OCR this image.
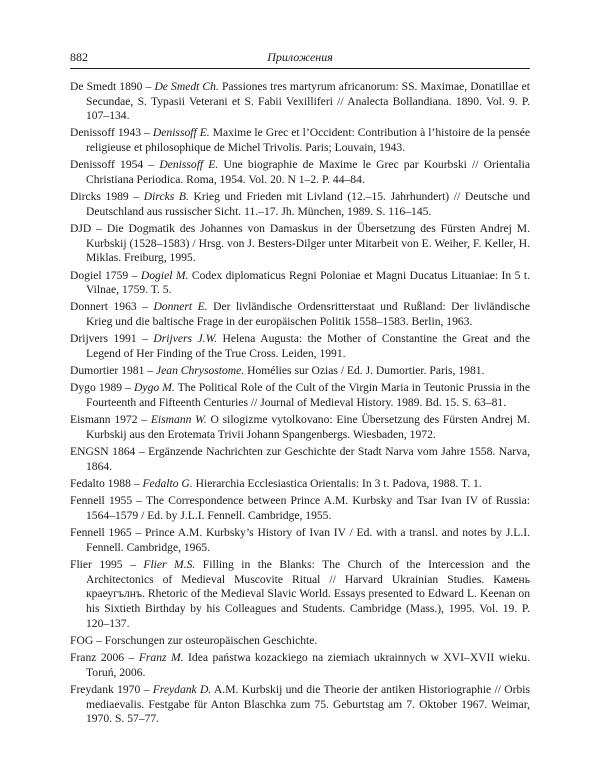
882	Приложения

De Smedt 1890 – De Smedt Ch. Passiones tres martyrum africanorum: SS. Maximae, Donatillae et Secundae, S. Typasii Veterani et S. Fabii Vexilliferi // Analecta Bollandiana. 1890. Vol. 9. P. 107–134.

Denissoff 1943 – Denissoff E. Maxime le Grec et l’Occident: Contribution à l’histoire de la pensée religieuse et philosophique de Michel Trivolis. Paris; Louvain, 1943.

Denissoff 1954 – Denissoff E. Une biographie de Maxime le Grec par Kourbski // Orientalia Christiana Periodica. Roma, 1954. Vol. 20. N 1–2. P. 44–84.

Dircks 1989 – Dircks B. Krieg und Frieden mit Livland (12.–15. Jahrhundert) // Deutsche und Deutschland aus russischer Sicht. 11.–17. Jh. München, 1989. S. 116–145.

DJD – Die Dogmatik des Johannes von Damaskus in der Übersetzung des Fürsten Andrej M. Kurbskij (1528–1583) / Hrsg. von J. Besters-Dilger unter Mitarbeit von E. Weiher, F. Keller, H. Miklas. Freiburg, 1995.

Dogiel 1759 – Dogiel M. Codex diplomaticus Regni Poloniae et Magni Ducatus Lituaniae: In 5 t. Vilnae, 1759. T. 5.

Donnert 1963 – Donnert E. Der livländische Ordensritterstaat und Rußland: Der livländische Krieg und die baltische Frage in der europäischen Politik 1558–1583. Berlin, 1963.

Drijvers 1991 – Drijvers J.W. Helena Augusta: the Mother of Constantine the Great and the Legend of Her Finding of the True Cross. Leiden, 1991.

Dumortier 1981 – Jean Chrysostome. Homélies sur Ozias / Ed. J. Dumortier. Paris, 1981.

Dygo 1989 – Dygo M. The Political Role of the Cult of the Virgin Maria in Teutonic Prussia in the Fourteenth and Fifteenth Centuries // Journal of Medieval History. 1989. Bd. 15. S. 63–81.

Eismann 1972 – Eismann W. O silogizme vytolkovano: Eine Übersetzung des Fürsten Andrej M. Kurbskij aus den Erotemata Trivii Johann Spangenbergs. Wiesbaden, 1972.

ENGSN 1864 – Ergänzende Nachrichten zur Geschichte der Stadt Narva vom Jahre 1558. Narva, 1864.

Fedalto 1988 – Fedalto G. Hierarchia Ecclesiastica Orientalis: In 3 t. Padova, 1988. T. 1.

Fennell 1955 – The Correspondence between Prince A.M. Kurbsky and Tsar Ivan IV of Russia: 1564–1579 / Ed. by J.L.I. Fennell. Cambridge, 1955.

Fennell 1965 – Prince A.M. Kurbsky’s History of Ivan IV / Ed. with a transl. and notes by J.L.I. Fennell. Cambridge, 1965.

Flier 1995 – Flier M.S. Filling in the Blanks: The Church of the Intercession and the Architectonics of Medieval Muscovite Ritual // Harvard Ukrainian Studies. Камень краеугълнъ. Rhetoric of the Medieval Slavic World. Essays presented to Edward L. Keenan on his Sixtieth Birthday by his Colleagues and Students. Cambridge (Mass.), 1995. Vol. 19. P. 120–137.

FOG – Forschungen zur osteuropäischen Geschichte.

Franz 2006 – Franz M. Idea państwa kozackiego na ziemiach ukrainnych w XVI–XVII wieku. Toruń, 2006.

Freydank 1970 – Freydank D. A.M. Kurbskij und die Theorie der antiken Historiographie // Orbis mediaevalis. Festgabe für Anton Blaschka zum 75. Geburtstag am 7. Oktober 1967. Weimar, 1970. S. 57–77.
